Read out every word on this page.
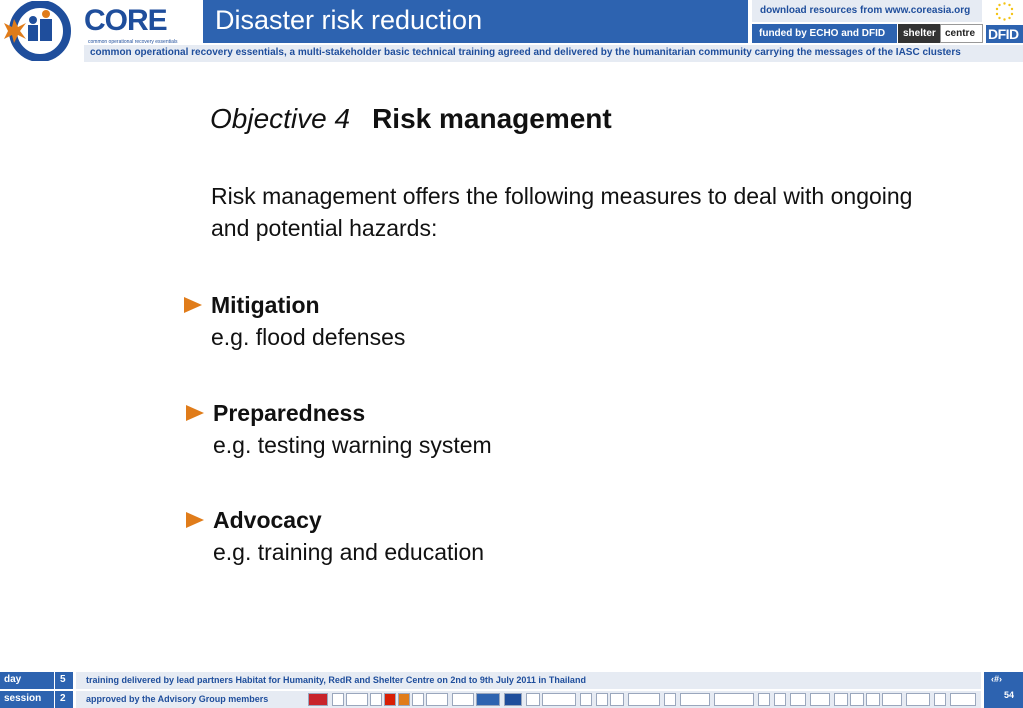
CORE
common operational recovery essentials
Disaster risk reduction	download resources from www.coreasia.org
funded by ECHO and DFID shelter centre DFID
common operational recovery essentials, a multi-stakeholder basic technical training agreed and delivered by the humanitarian community carrying the messages of the IASC clusters
Objective 4 Risk management
Risk management offers the following measures to deal with ongoing and potential hazards:
Mitigation
e.g. flood defenses
Preparedness
e.g. testing warning system
Advocacy
e.g. training and education
day	5
session 2
training delivered by lead partners Habitat for Humanity, RedR and Shelter Centre on 2nd to 9th July 2011 in Thailand
approved by the Advisory Group members
‹#›
54
